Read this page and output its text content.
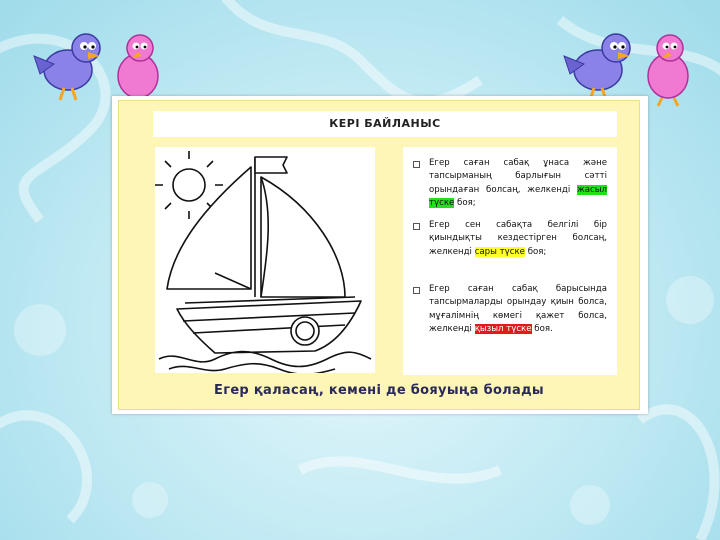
КЕРІ БАЙЛАНЫС
Егер саған сабақ ұнаса және тапсырманың барлығын сәтті орындаған болсаң, желкенді жасыл түске боя;
Егер сен сабақта белгілі бір қиындықты кездестірген болсаң, желкенді сары түске боя;
Егер саған сабақ барысында тапсырмаларды орындау қиын болса, мұғалімнің көмегі қажет болса, желкенді қызыл түске боя.
Егер қаласаң, кемені де бояуыңа болады
